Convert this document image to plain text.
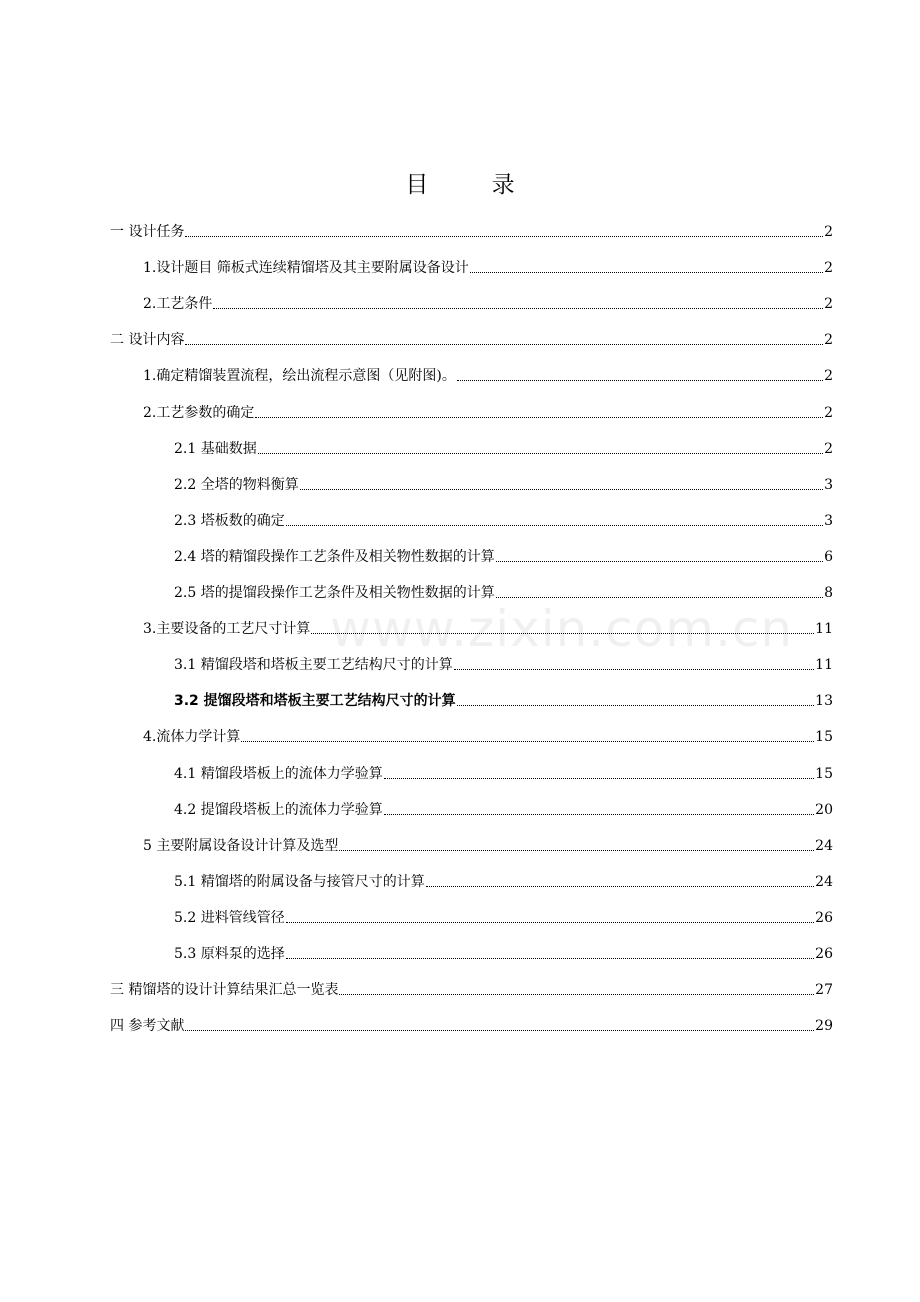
目 录
www.zixin.com.cn
一 设计任务	2
1.设计题目 筛板式连续精馏塔及其主要附属设备设计	2
2.工艺条件	2
二 设计内容	2
1.确定精馏装置流程，绘出流程示意图（见附图)。	2
2.工艺参数的确定	2
2.1 基础数据	2
2.2 全塔的物料衡算	3
2.3 塔板数的确定	3
2.4 塔的精馏段操作工艺条件及相关物性数据的计算	6
2.5 塔的提馏段操作工艺条件及相关物性数据的计算	8
3.主要设备的工艺尺寸计算	11
3.1 精馏段塔和塔板主要工艺结构尺寸的计算	11
3.2 提馏段塔和塔板主要工艺结构尺寸的计算	13
4.流体力学计算	15
4.1 精馏段塔板上的流体力学验算	15
4.2 提馏段塔板上的流体力学验算	20
5 主要附属设备设计计算及选型	24
5.1 精馏塔的附属设备与接管尺寸的计算	24
5.2 进料管线管径	26
5.3 原料泵的选择	26
三 精馏塔的设计计算结果汇总一览表	27
四 参考文献	29
